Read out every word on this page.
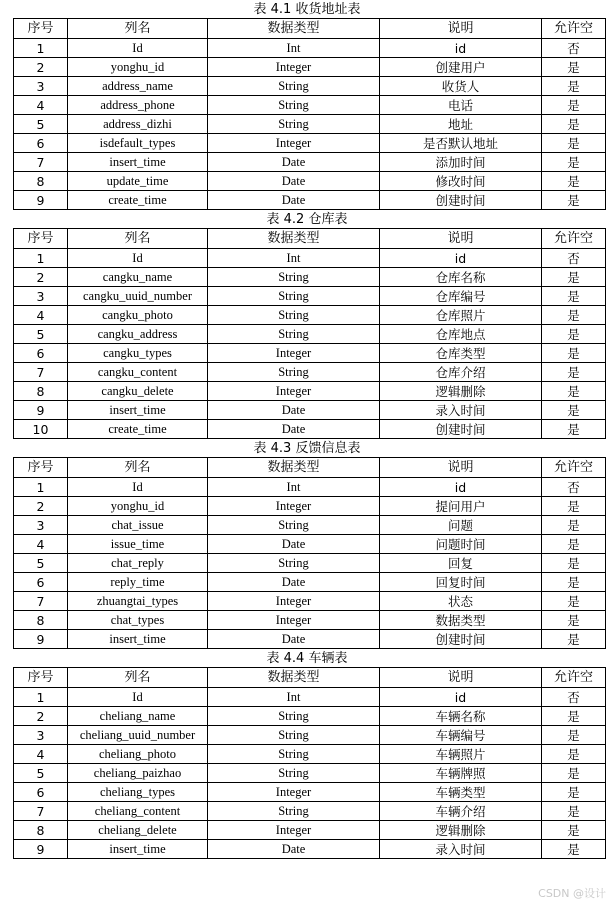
表 4.1 收货地址表
序号	列名	数据类型	说明	允许空
1	Id	Int	id	否
2	yonghu_id	Integer	创建用户	是
3	address_name	String	收货人	是
4	address_phone	String	电话	是
5	address_dizhi	String	地址	是
6	isdefault_types	Integer	是否默认地址	是
7	insert_time	Date	添加时间	是
8	update_time	Date	修改时间	是
9	create_time	Date	创建时间	是
表 4.2 仓库表
序号	列名	数据类型	说明	允许空
1	Id	Int	id	否
2	cangku_name	String	仓库名称	是
3	cangku_uuid_number	String	仓库编号	是
4	cangku_photo	String	仓库照片	是
5	cangku_address	String	仓库地点	是
6	cangku_types	Integer	仓库类型	是
7	cangku_content	String	仓库介绍	是
8	cangku_delete	Integer	逻辑删除	是
9	insert_time	Date	录入时间	是
10	create_time	Date	创建时间	是
表 4.3 反馈信息表
序号	列名	数据类型	说明	允许空
1	Id	Int	id	否
2	yonghu_id	Integer	提问用户	是
3	chat_issue	String	问题	是
4	issue_time	Date	问题时间	是
5	chat_reply	String	回复	是
6	reply_time	Date	回复时间	是
7	zhuangtai_types	Integer	状态	是
8	chat_types	Integer	数据类型	是
9	insert_time	Date	创建时间	是
表 4.4 车辆表
序号	列名	数据类型	说明	允许空
1	Id	Int	id	否
2	cheliang_name	String	车辆名称	是
3	cheliang_uuid_number	String	车辆编号	是
4	cheliang_photo	String	车辆照片	是
5	cheliang_paizhao	String	车辆牌照	是
6	cheliang_types	Integer	车辆类型	是
7	cheliang_content	String	车辆介绍	是
8	cheliang_delete	Integer	逻辑删除	是
9	insert_time	Date	录入时间	是
CSDN @设计
